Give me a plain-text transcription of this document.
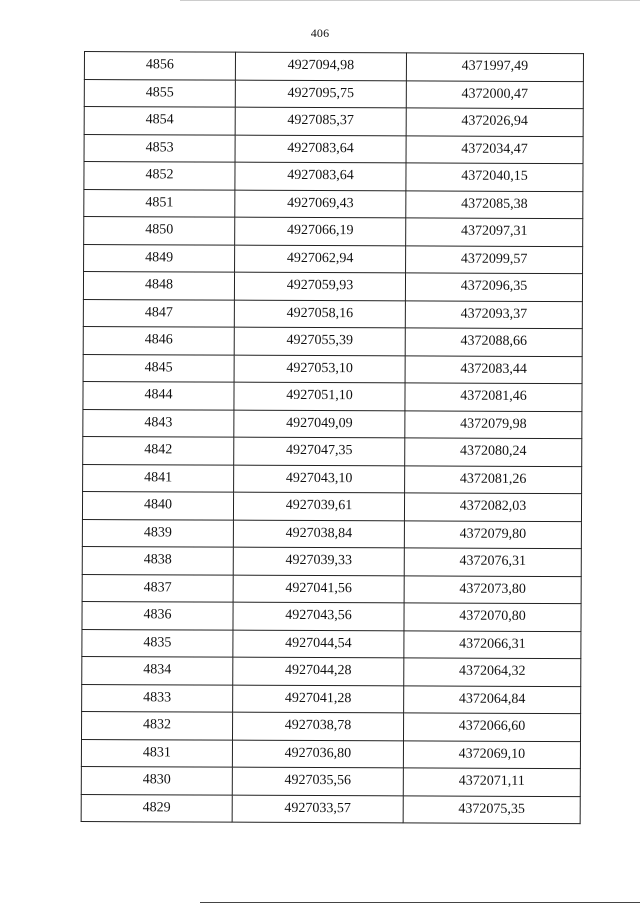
406
4856	4927094,98	4371997,49
4855	4927095,75	4372000,47
4854	4927085,37	4372026,94
4853	4927083,64	4372034,47
4852	4927083,64	4372040,15
4851	4927069,43	4372085,38
4850	4927066,19	4372097,31
4849	4927062,94	4372099,57
4848	4927059,93	4372096,35
4847	4927058,16	4372093,37
4846	4927055,39	4372088,66
4845	4927053,10	4372083,44
4844	4927051,10	4372081,46
4843	4927049,09	4372079,98
4842	4927047,35	4372080,24
4841	4927043,10	4372081,26
4840	4927039,61	4372082,03
4839	4927038,84	4372079,80
4838	4927039,33	4372076,31
4837	4927041,56	4372073,80
4836	4927043,56	4372070,80
4835	4927044,54	4372066,31
4834	4927044,28	4372064,32
4833	4927041,28	4372064,84
4832	4927038,78	4372066,60
4831	4927036,80	4372069,10
4830	4927035,56	4372071,11
4829	4927033,57	4372075,35
